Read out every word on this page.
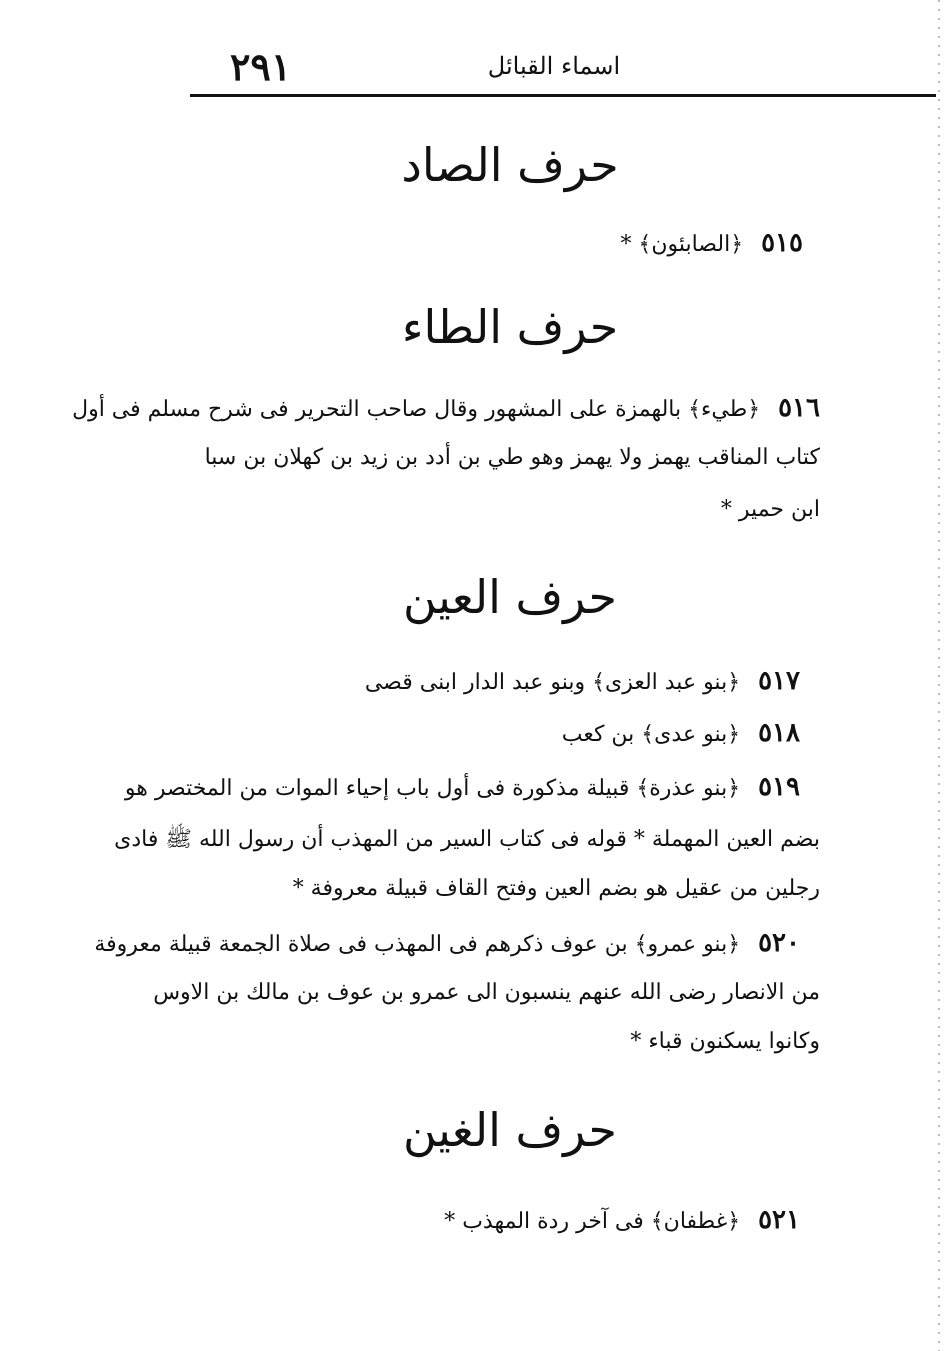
٢٩١	اسماء القبائل
حرف الصاد
٥١٥﴿الصابئون﴾ *
حرف الطاء
٥١٦﴿طيء﴾ بالهمزة على المشهور وقال صاحب التحرير فى شرح مسلم فى أول
كتاب المناقب يهمز ولا يهمز وهو طي بن أدد بن زيد بن كهلان بن سبا
ابن حمير *
حرف العين
٥١٧﴿بنو عبد العزى﴾ وبنو عبد الدار ابنى قصى
٥١٨﴿بنو عدى﴾ بن كعب
٥١٩﴿بنو عذرة﴾ قبيلة مذكورة فى أول باب إحياء الموات من المختصر هو
بضم العين المهملة * قوله فى كتاب السير من المهذب أن رسول الله ﷺ فادى
رجلين من عقيل هو بضم العين وفتح القاف قبيلة معروفة *
٥٢٠﴿بنو عمرو﴾ بن عوف ذكرهم فى المهذب فى صلاة الجمعة قبيلة معروفة
من الانصار رضى الله عنهم ينسبون الى عمرو بن عوف بن مالك بن الاوس
وكانوا يسكنون قباء *
حرف الغين
٥٢١﴿غطفان﴾ فى آخر ردة المهذب *
